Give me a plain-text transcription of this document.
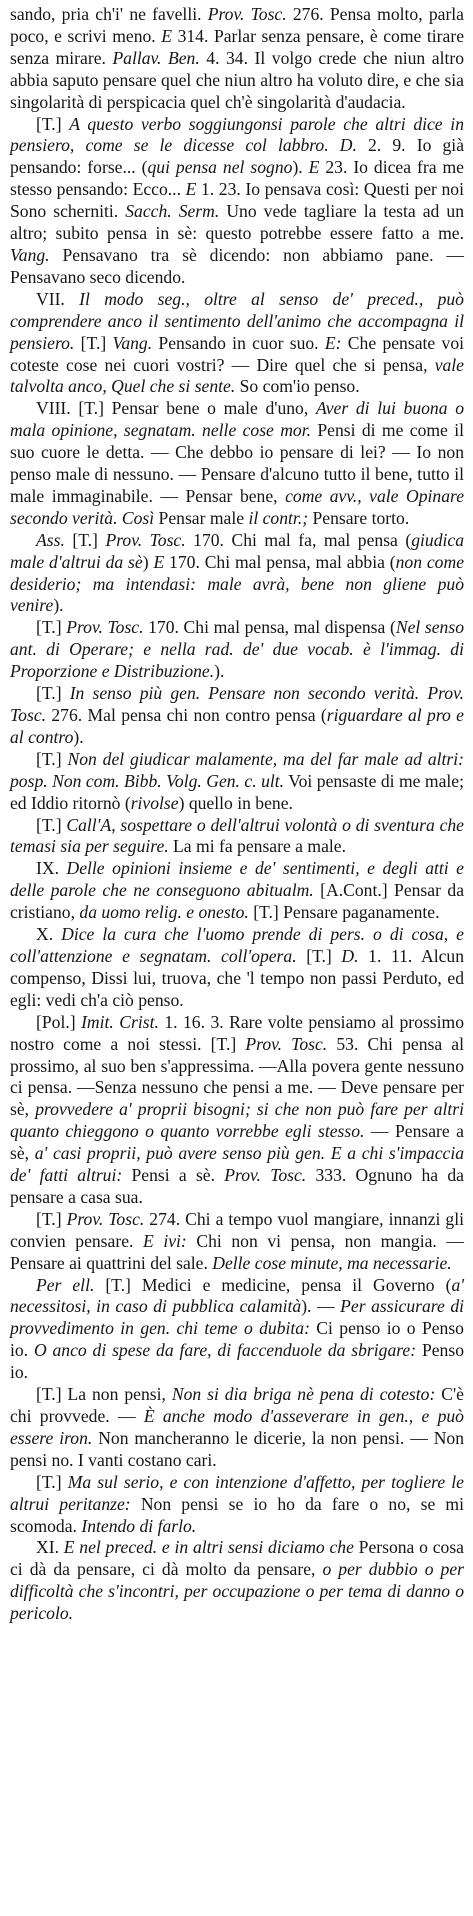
sando, pria ch'i' ne favelli. Prov. Tosc. 276. Pensa molto, parla poco, e scrivi meno. E 314. Parlar senza pensare, è come tirare senza mirare. Pallav. Ben. 4. 34. Il volgo crede che niun altro abbia saputo pensare quel che niun altro ha voluto dire, e che sia singolarità di perspicacia quel ch'è singolarità d'audacia.

[T.] A questo verbo soggiungonsi parole che altri dice in pensiero, come se le dicesse col labbro. D. 2. 9. Io già pensando: forse... (qui pensa nel sogno). E 23. Io dicea fra me stesso pensando: Ecco... E 1. 23. Io pensava così: Questi per noi Sono scherniti. Sacch. Serm. Uno vede tagliare la testa ad un altro; subito pensa in sè: questo potrebbe essere fatto a me. Vang. Pensavano tra sè dicendo: non abbiamo pane. — Pensavano seco dicendo.

VII. Il modo seg., oltre al senso de' preced., può comprendere anco il sentimento dell'animo che accompagna il pensiero. [T.] Vang. Pensando in cuor suo. E: Che pensate voi coteste cose nei cuori vostri? — Dire quel che si pensa, vale talvolta anco, Quel che si sente. So com'io penso.

VIII. [T.] Pensar bene o male d'uno, Aver di lui buona o mala opinione, segnatam. nelle cose mor. Pensi di me come il suo cuore le detta. — Che debbo io pensare di lei? — Io non penso male di nessuno. — Pensare d'alcuno tutto il bene, tutto il male immaginabile. — Pensar bene, come avv., vale Opinare secondo verità. Così Pensar male il contr.; Pensare torto.

Ass. [T.] Prov. Tosc. 170. Chi mal fa, mal pensa (giudica male d'altrui da sè) E 170. Chi mal pensa, mal abbia (non come desiderio; ma intendasi: male avrà, bene non gliene può venire).

[T.] Prov. Tosc. 170. Chi mal pensa, mal dispensa (Nel senso ant. di Operare; e nella rad. de' due vocab. è l'immag. di Proporzione e Distribuzione.).

[T.] In senso più gen. Pensare non secondo verità. Prov. Tosc. 276. Mal pensa chi non contro pensa (riguardare al pro e al contro).

[T.] Non del giudicar malamente, ma del far male ad altri: posp. Non com. Bibb. Volg. Gen. c. ult. Voi pensaste di me male; ed Iddio ritornò (rivolse) quello in bene.

[T.] Call'A, sospettare o dell'altrui volontà o di sventura che temasi sia per seguire. La mi fa pensare a male.

IX. Delle opinioni insieme e de' sentimenti, e degli atti e delle parole che ne conseguono abitualm. [A.Cont.] Pensar da cristiano, da uomo relig. e onesto. [T.] Pensare paganamente.

X. Dice la cura che l'uomo prende di pers. o di cosa, e coll'attenzione e segnatam. coll'opera. [T.] D. 1. 11. Alcun compenso, Dissi lui, truova, che 'l tempo non passi Perduto, ed egli: vedi ch'a ciò penso.

[Pol.] Imit. Crist. 1. 16. 3. Rare volte pensiamo al prossimo nostro come a noi stessi. [T.] Prov. Tosc. 53. Chi pensa al prossimo, al suo ben s'appressima. —Alla povera gente nessuno ci pensa. —Senza nessuno che pensi a me. — Deve pensare per sè, provvedere a' proprii bisogni; si che non può fare per altri quanto chieggono o quanto vorrebbe egli stesso. — Pensare a sè, a' casi proprii, può avere senso più gen. E a chi s'impaccia de' fatti altrui: Pensi a sè. Prov. Tosc. 333. Ognuno ha da pensare a casa sua.

[T.] Prov. Tosc. 274. Chi a tempo vuol mangiare, innanzi gli convien pensare. E ivi: Chi non vi pensa, non mangia. — Pensare ai quattrini del sale. Delle cose minute, ma necessarie.

Per ell. [T.] Medici e medicine, pensa il Governo (a' necessitosi, in caso di pubblica calamità). — Per assicurare di provvedimento in gen. chi teme o dubita: Ci penso io o Penso io. O anco di spese da fare, di faccenduole da sbrigare: Penso io.

[T.] La non pensi, Non si dia briga nè pena di cotesto: C'è chi provvede. — È anche modo d'asseverare in gen., e può essere iron. Non mancheranno le dicerie, la non pensi. — Non pensi no. I vanti costano cari.

[T.] Ma sul serio, e con intenzione d'affetto, per togliere le altrui peritanze: Non pensi se io ho da fare o no, se mi scomoda. Intendo di farlo.

XI. E nel preced. e in altri sensi diciamo che Persona o cosa ci dà da pensare, ci dà molto da pensare, o per dubbio o per difficoltà che s'incontri, per occupazione o per tema di danno o pericolo.
